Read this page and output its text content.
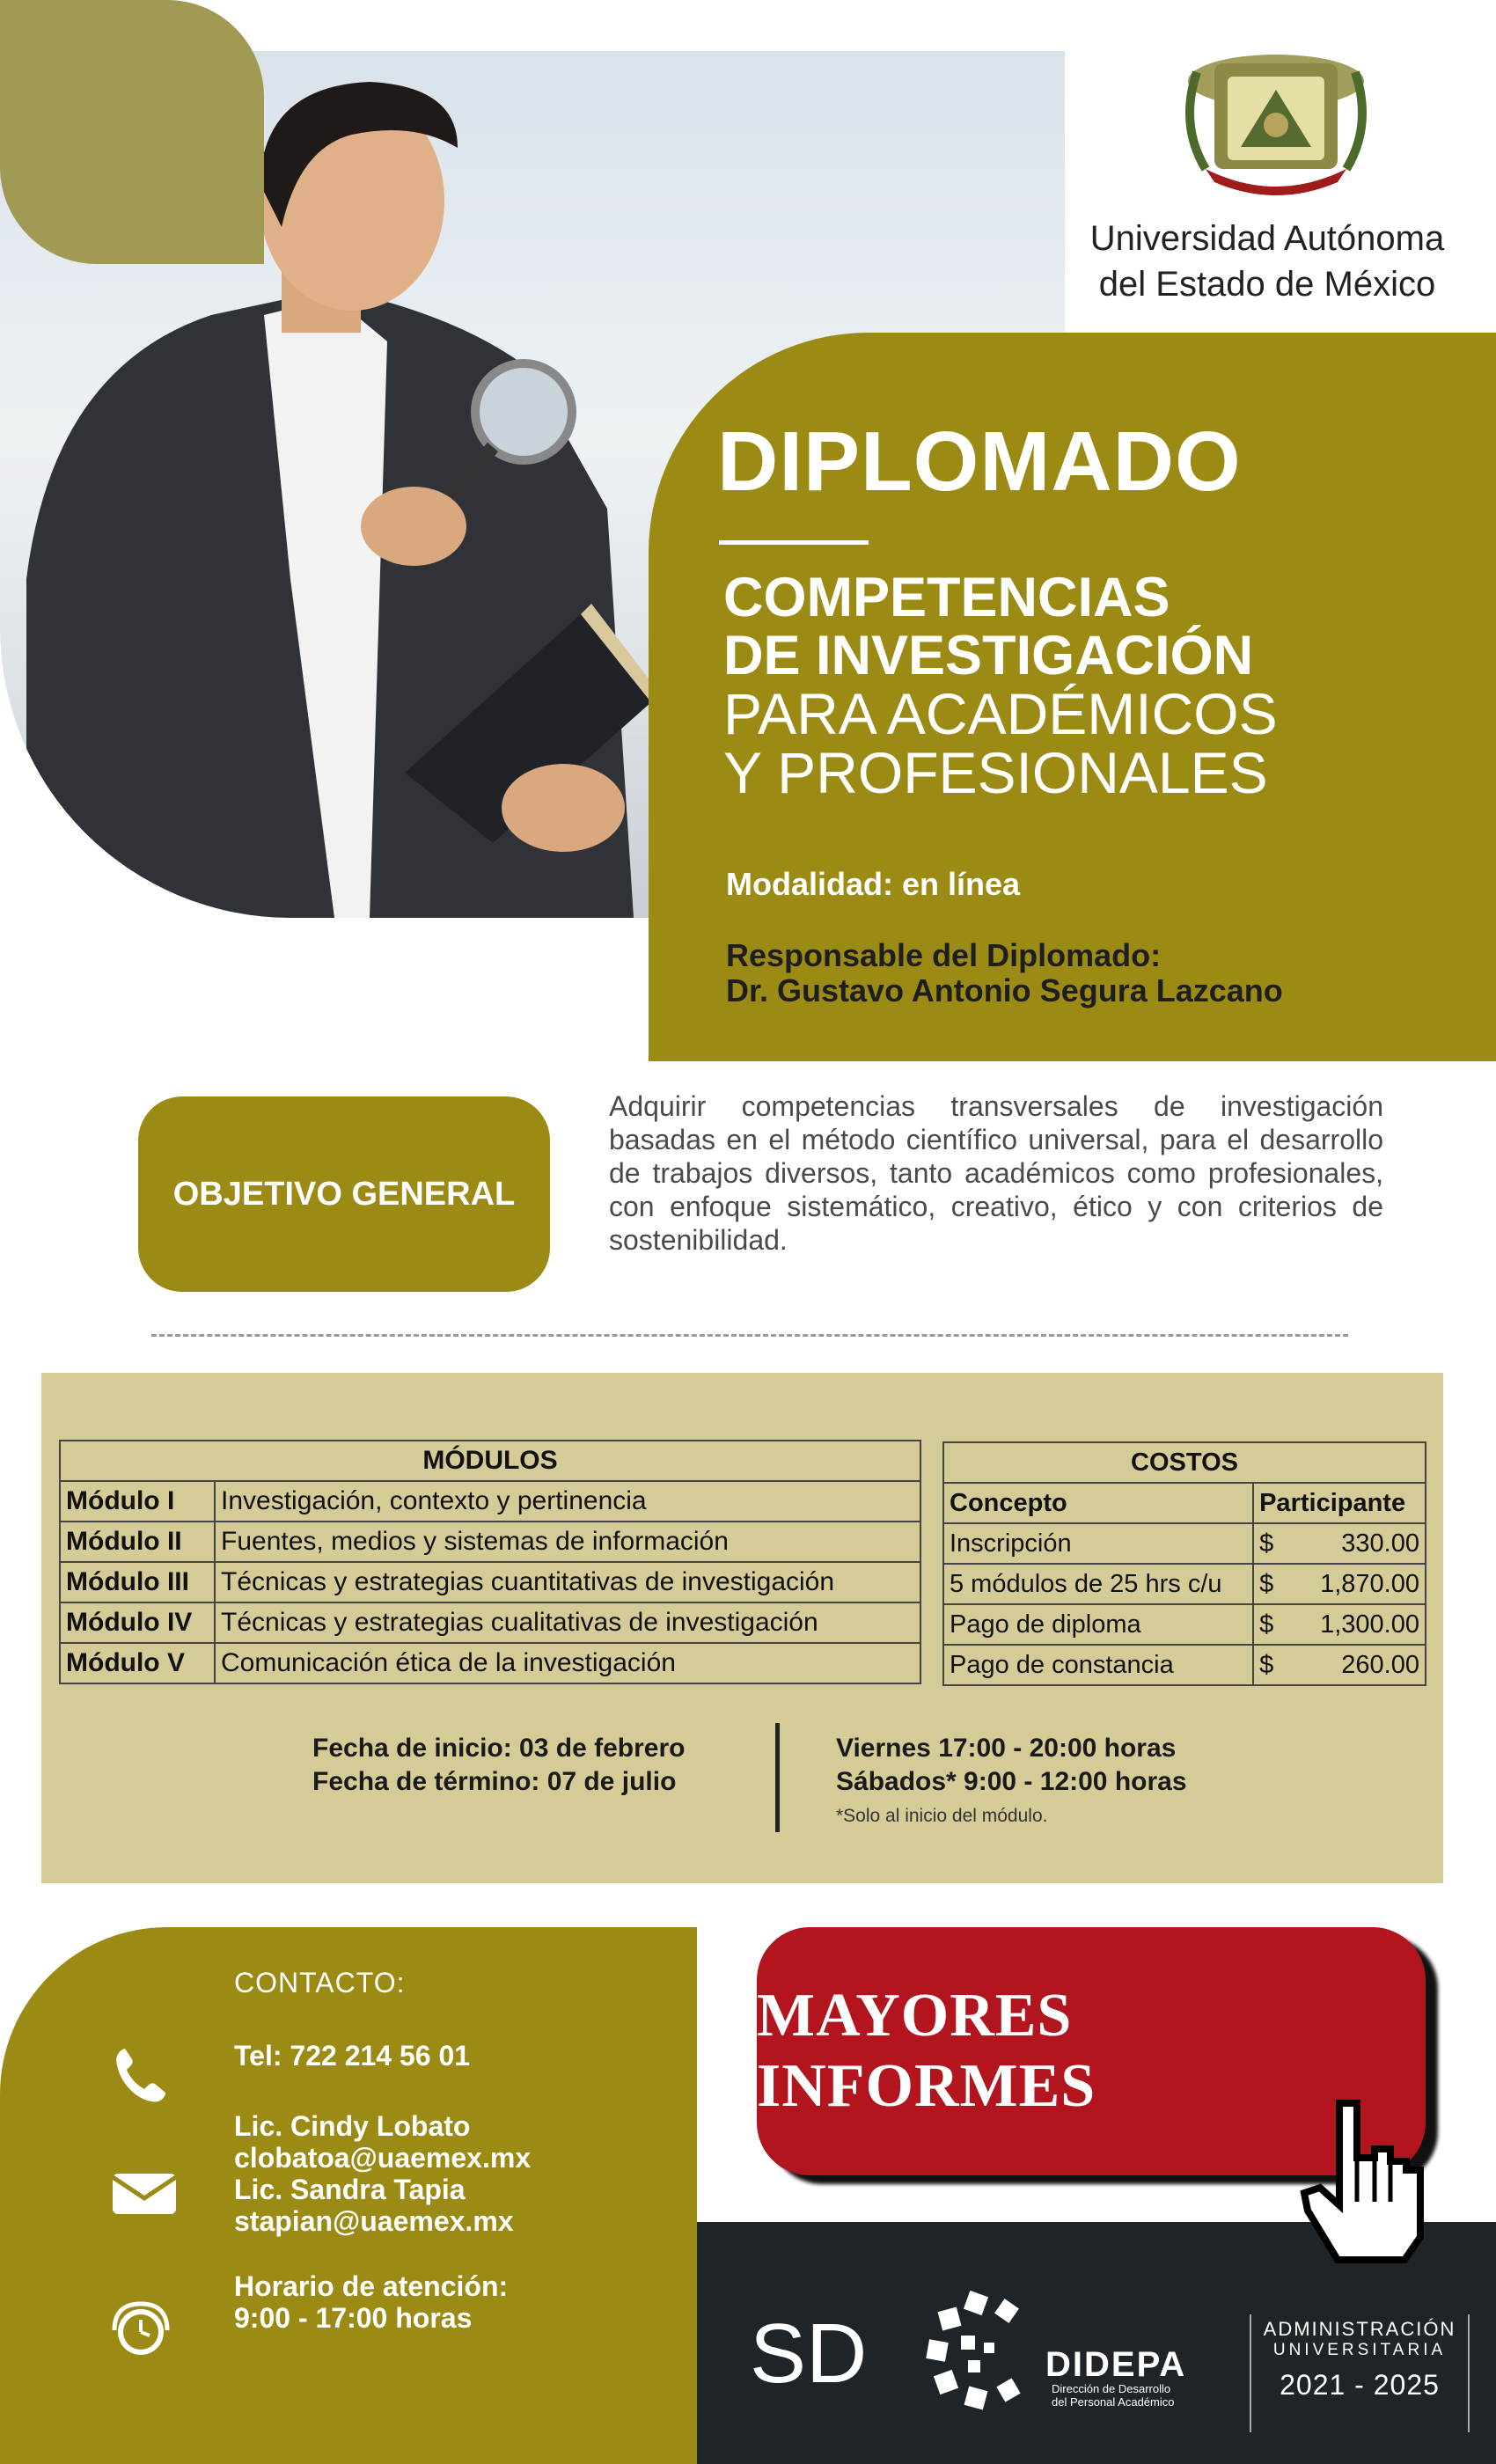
Universidad Autónoma
del Estado de México
DIPLOMADO
COMPETENCIAS
DE INVESTIGACIÓN
PARA ACADÉMICOS
Y PROFESIONALES
Modalidad: en línea
Responsable del Diplomado:
Dr. Gustavo Antonio Segura Lazcano
OBJETIVO GENERAL
Adquirir competencias transversales de investigación basadas en el método científico universal, para el desarrollo de trabajos diversos, tanto académicos como profesionales, con enfoque sistemático, creativo, ético y con criterios de sostenibilidad.
MÓDULOS	
Módulo I	Investigación, contexto y pertinencia
Módulo II	Fuentes, medios y sistemas de información
Módulo III	Técnicas y estrategias cuantitativas de investigación
Módulo IV	Técnicas y estrategias cualitativas de investigación
Módulo V	Comunicación ética de la investigación
COSTOS	
Concepto	Participante
Inscripción	$ 330.00

5 módulos de 25 hrs c/u	$ 1,870.00

Pago de diploma	$ 1,300.00

Pago de constancia	$ 260.00
Fecha de inicio: 03 de febrero
Fecha de término: 07 de julio
Viernes 17:00 - 20:00 horas
Sábados* 9:00 - 12:00 horas
*Solo al inicio del módulo.
CONTACTO:
Tel: 722 214 56 01
Lic. Cindy Lobato
clobatoa@uaemex.mx
Lic. Sandra Tapia
stapian@uaemex.mx
Horario de atención:
9:00 - 17:00 horas
MAYORES INFORMES
SD	DIDEPA
Dirección de Desarrollo
del Personal Académico
ADMINISTRACIÓN
UNIVERSITARIA
2021 - 2025
